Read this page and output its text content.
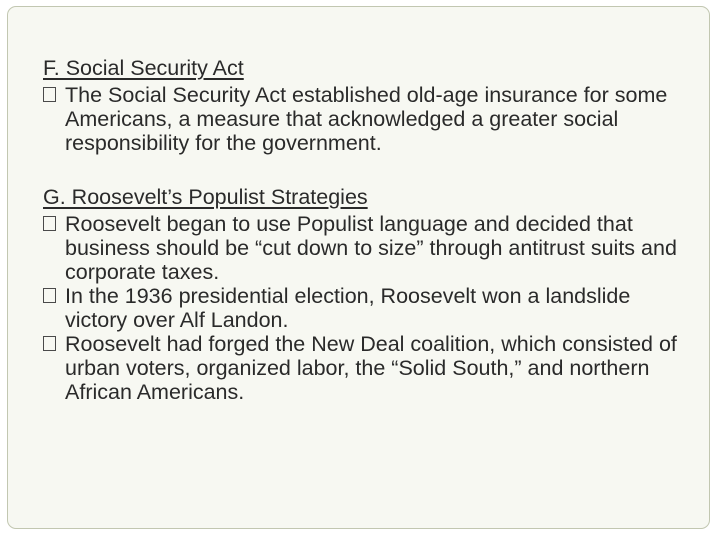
F. Social Security Act

The Social Security Act established old-age insurance for some Americans, a measure that acknowledged a greater social responsibility for the government.

G. Roosevelt’s Populist Strategies

Roosevelt began to use Populist language and decided that business should be “cut down to size” through antitrust suits and corporate taxes.
In the 1936 presidential election, Roosevelt won a landslide victory over Alf Landon.
Roosevelt had forged the New Deal coalition, which consisted of urban voters, organized labor, the “Solid South,” and northern African Americans.
